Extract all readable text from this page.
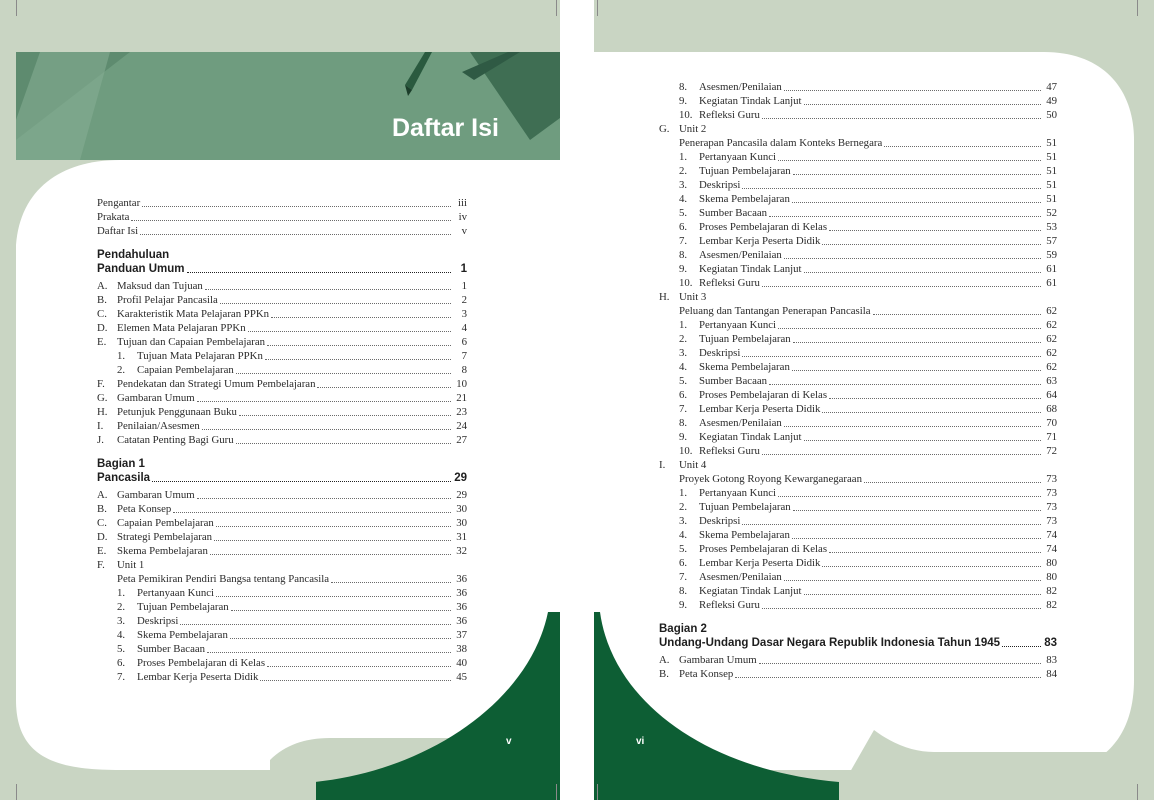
Daftar Isi
v
Pengantar	iii
Prakata	iv
Daftar Isi	v
Pendahuluan
Panduan Umum	1
A. Maksud dan Tujuan	1
B. Profil Pelajar Pancasila	2
C. Karakteristik Mata Pelajaran PPKn	3
D. Elemen Mata Pelajaran PPKn	4
E. Tujuan dan Capaian Pembelajaran	6
1.	Tujuan Mata Pelajaran PPKn	7
2.	Capaian Pembelajaran	8
F.	Pendekatan dan Strategi Umum Pembelajaran	10
G. Gambaran Umum	21
H. Petunjuk Penggunaan Buku	23
I.	Penilaian/Asesmen	24
J.	Catatan Penting Bagi Guru	27
Bagian 1
Pancasila	29
A. Gambaran Umum	29
B. Peta Konsep	30
C. Capaian Pembelajaran	30
D. Strategi Pembelajaran	31
E. Skema Pembelajaran	32
F.	Unit 1
Peta Pemikiran Pendiri Bangsa tentang Pancasila	36
1.	Pertanyaan Kunci	36
2.	Tujuan Pembelajaran	36
3.	Deskripsi	36
4.	Skema Pembelajaran	37
5.	Sumber Bacaan	38
6.	Proses Pembelajaran di Kelas	40
7.	Lembar Kerja Peserta Didik	45
vi
8.	Asesmen/Penilaian	47
9.	Kegiatan Tindak Lanjut	49
10. Refleksi Guru	50
G. Unit 2
Penerapan Pancasila dalam Konteks Bernegara	51
1.	Pertanyaan Kunci	51
2.	Tujuan Pembelajaran	51
3.	Deskripsi	51
4.	Skema Pembelajaran	51
5.	Sumber Bacaan	52
6.	Proses Pembelajaran di Kelas	53
7.	Lembar Kerja Peserta Didik	57
8.	Asesmen/Penilaian	59
9.	Kegiatan Tindak Lanjut	61
10. Refleksi Guru	61
H. Unit 3
Peluang dan Tantangan Penerapan Pancasila	62
1.	Pertanyaan Kunci	62
2.	Tujuan Pembelajaran	62
3.	Deskripsi	62
4.	Skema Pembelajaran	62
5.	Sumber Bacaan	63
6.	Proses Pembelajaran di Kelas	64
7.	Lembar Kerja Peserta Didik	68
8.	Asesmen/Penilaian	70
9.	Kegiatan Tindak Lanjut	71
10. Refleksi Guru	72
I.	Unit 4
Proyek Gotong Royong Kewarganegaraan	73
1.	Pertanyaan Kunci	73
2.	Tujuan Pembelajaran	73
3.	Deskripsi	73
4.	Skema Pembelajaran	74
5.	Proses Pembelajaran di Kelas	74
6.	Lembar Kerja Peserta Didik	80
7.	Asesmen/Penilaian	80
8.	Kegiatan Tindak Lanjut	82
9.	Refleksi Guru	82
Bagian 2
Undang-Undang Dasar Negara Republik Indonesia Tahun 1945	83
A. Gambaran Umum	83
B. Peta Konsep	84
